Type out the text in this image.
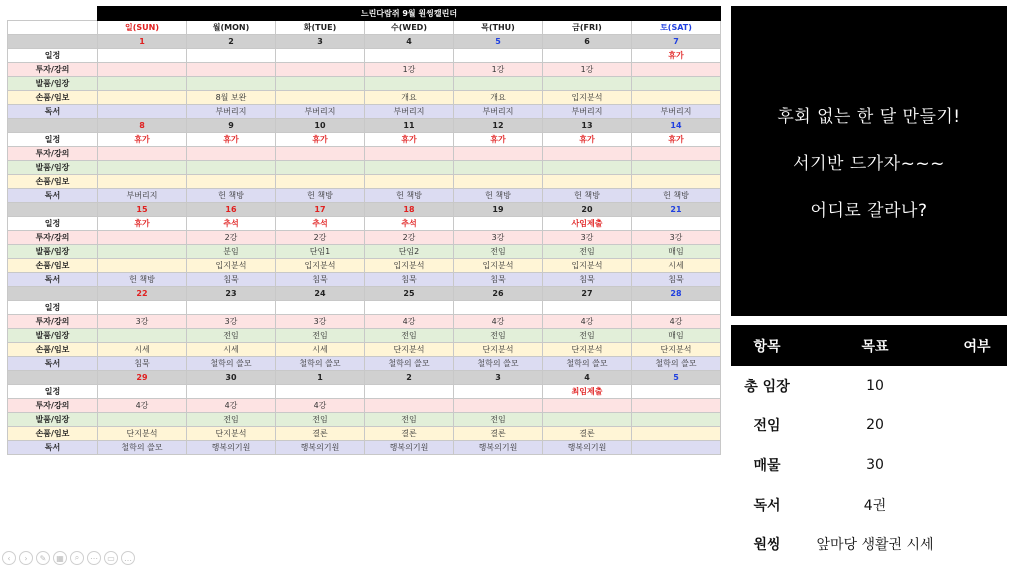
	느린다람쥐 9월 원씽캘린더						
	일(SUN)	월(MON)	화(TUE)	수(WED)	목(THU)	금(FRI)	토(SAT)
	1	2	3	4	5	6	7
일정							휴가
투자/강의				1강	1강	1강	
발품/임장							
손품/임보		8월 보완		개요	개요	입지분석	
독서		부버리지	부버리지	부버리지	부버리지	부버리지	부버리지
	8	9	10	11	12	13	14
일정	휴가	휴가	휴가	휴가	휴가	휴가	휴가
투자/강의							
발품/임장							
손품/임보							
독서	부버리지	헌 책방	헌 책방	헌 책방	헌 책방	헌 책방	헌 책방
	15	16	17	18	19	20	21
일정	휴가	추석	추석	추석		사임제출	
투자/강의		2강	2강	2강	3강	3강	3강
발품/임장		분임	단임1	단임2	전임	전임	매임
손품/임보		입지분석	입지분석	입지분석	입지분석	입지분석	시세
독서	헌 책방	침묵	침묵	침묵	침묵	침묵	침묵
	22	23	24	25	26	27	28
일정							
투자/강의	3강	3강	3강	4강	4강	4강	4강
발품/임장		전임	전임	전임	전임	전임	매임
손품/임보	시세	시세	시세	단지분석	단지분석	단지분석	단지분석
독서	침묵	철학의 쓸모	철학의 쓸모	철학의 쓸모	철학의 쓸모	철학의 쓸모	철학의 쓸모
	29	30	1	2	3	4	5
일정						최임제출	
투자/강의	4강	4강	4강				
발품/임장		전임	전임	전임	전임		
손품/임보	단지분석	단지분석	결론	결론	결론	결론	
독서	철학의 쓸모	행복의기원	행복의기원	행복의기원	행복의기원	행복의기원	
후회 없는 한 달 만들기!
서기반 드가자~~~
어디로 갈라나?
항목	목표	여부
총 임장	10	
전임	20	
매물	30	
독서	4권	
원씽	앞마당 생활권 시세	
‹	›	✎	▦	⌕	⋯	▭	…
